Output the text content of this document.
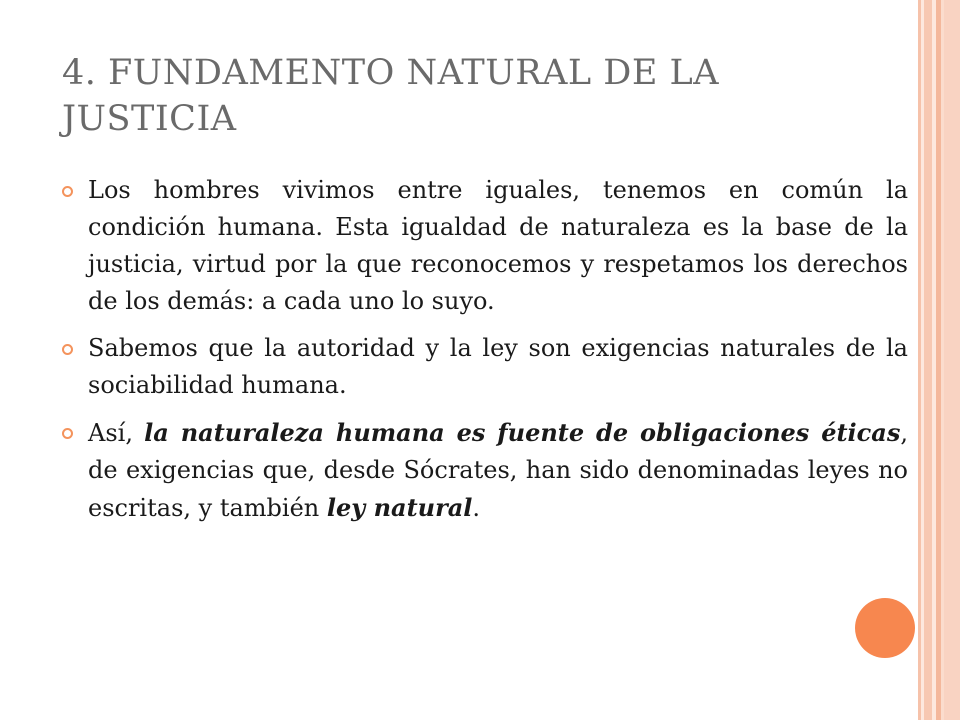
4. FUNDAMENTO NATURAL DE LA JUSTICIA
Los hombres vivimos entre iguales, tenemos en común la condición humana. Esta igualdad de naturaleza es la base de la justicia, virtud por la que reconocemos y respetamos los derechos de los demás: a cada uno lo suyo.
Sabemos que la autoridad y la ley son exigencias naturales de la sociabilidad humana.
Así, la naturaleza humana es fuente de obligaciones éticas, de exigencias que, desde Sócrates, han sido denominadas leyes no escritas, y también ley natural.
